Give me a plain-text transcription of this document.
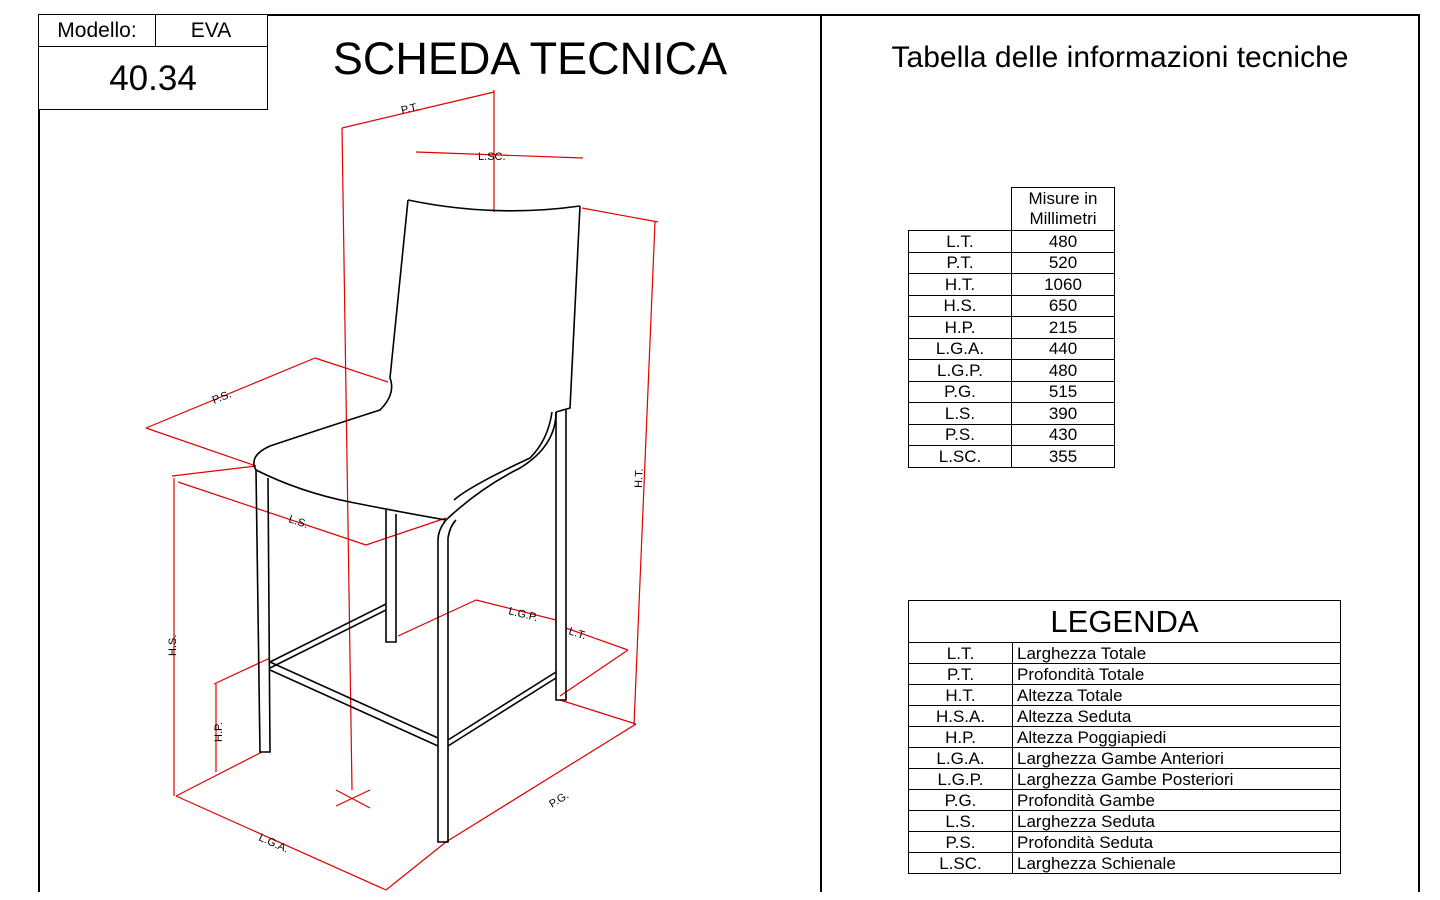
Modello:	EVA
40.34	SCHEDA TECNICA	Tabella delle informazioni tecniche
	Misure in Millimetri
L.T.	480
P.T.	520
H.T.	1060
H.S.	650
H.P.	215
L.G.A.	440
L.G.P.	480
P.G.	515
L.S.	390
P.S.	430
L.SC.	355
LEGENDA
L.T.	Larghezza Totale
P.T.	Profondità Totale
H.T.	Altezza Totale
H.S.A.	Altezza Seduta
H.P.	Altezza Poggiapiedi
L.G.A.	Larghezza Gambe Anteriori
L.G.P.	Larghezza Gambe Posteriori
P.G.	Profondità Gambe
L.S.	Larghezza Seduta
P.S.	Profondità Seduta
L.SC.	Larghezza Schienale
P.T.
L.SC.
P.S.
H.T.
L.S.
L.G.P.
L.T.
H.S.
H.P.
P.G.
L.G.A.
